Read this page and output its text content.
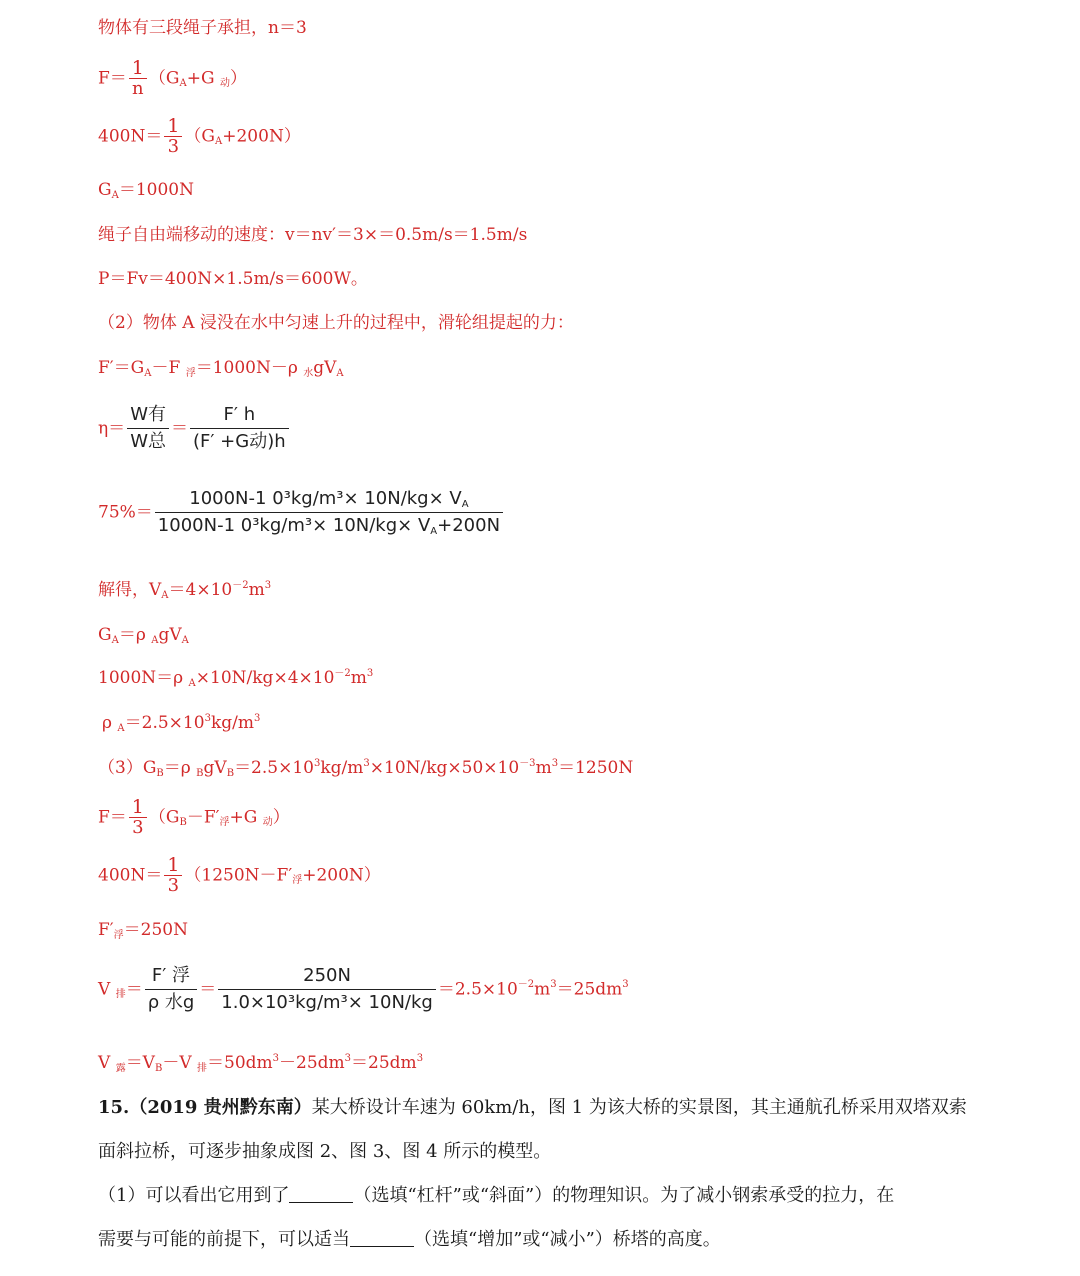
物体有三段绳子承担，n＝3
$F= \frac{1}{n} (G_A+G$ $_动$）
$400N= \frac{1}{3} (G_A+200N)$
$G_A=1000N$
绳子自由端移动的速度：v＝nv′＝3×＝0.5m/s＝1.5m/s
P＝Fv＝400N×1.5m/s＝600W。
（2）物体 A 浸没在水中匀速上升的过程中，滑轮组提起的力：
$F'=G_A-F$ $_浮$＝1000N－ρ $_水gV_A$
$\eta= \frac{\text{W有}}{\text{W总}} = \frac{F' h}{\text{(F′ +G动)h}}$
$75\%= \frac{1000N-1 0^3kg/m^3\times 10N/kg\times V_A}{1000N-1 0^3kg/m^3\times 10N/kg\times V_A+200N}$
解得，$V_A=4\times 10^{-2}m^3$
$G_A=\rho$ $_AgV_A$
1000N＝ρ $_A\times 10N/kg\times 4\times 10^{-2}m^3$
ρ $_A=2.5\times 10^3kg/m^3$
$(3)G_B=\rho$ $_BgV_B=2.5\times 10^3kg/m^3\times 10N/kg\times 50\times 10^{-3}m^3=1250N$
$F= \frac{1}{3} (G_B-F'_浮+G$ $_动$）
$400N= \frac{1}{3} (1250N-F'_浮+200N)$
$F'_浮=250N$
V $_排= \frac{\text{F′ 浮}}{\text{ρ 水g}} = \frac{250N}{\text{1.0×10³kg/m³× 10N/kg}} =2.5\times 10^{-2}m^3=25dm^3$
V $_露=V_B-V$ $_排=50dm^3-25dm^3=25dm^3$
15.（2019 贵州黔东南）某大桥设计车速为 60km/h，图 1 为该大桥的实景图，其主通航孔桥采用双塔双索
面斜拉桥，可逐步抽象成图 2、图 3、图 4 所示的模型。
（1）可以看出它用到了	（选填“杠杆”或“斜面”）的物理知识。为了减小钢索承受的拉力，在
需要与可能的前提下，可以适当	（选填“增加”或“减小”）桥塔的高度。
